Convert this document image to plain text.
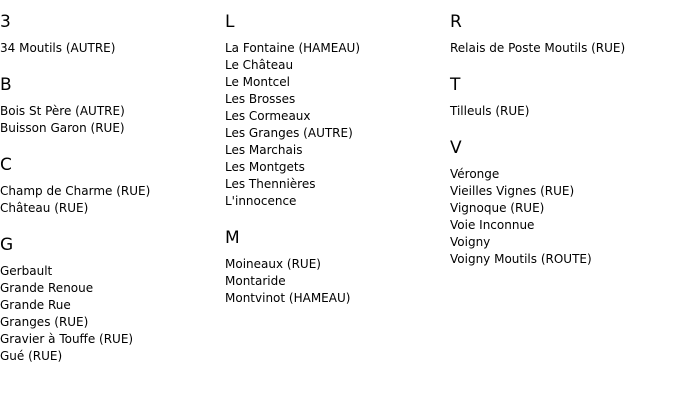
3
34 Moutils (AUTRE)
B
Bois St Père (AUTRE)
Buisson Garon (RUE)
C
Champ de Charme (RUE)
Château (RUE)
G
Gerbault
Grande Renoue
Grande Rue
Granges (RUE)
Gravier à Touffe (RUE)
Gué (RUE)
L
La Fontaine (HAMEAU)
Le Château
Le Montcel
Les Brosses
Les Cormeaux
Les Granges (AUTRE)
Les Marchais
Les Montgets
Les Thennières
L'innocence
M
Moineaux (RUE)
Montaride
Montvinot (HAMEAU)
R
Relais de Poste Moutils (RUE)
T
Tilleuls (RUE)
V
Véronge
Vieilles Vignes (RUE)
Vignoque (RUE)
Voie Inconnue
Voigny
Voigny Moutils (ROUTE)
